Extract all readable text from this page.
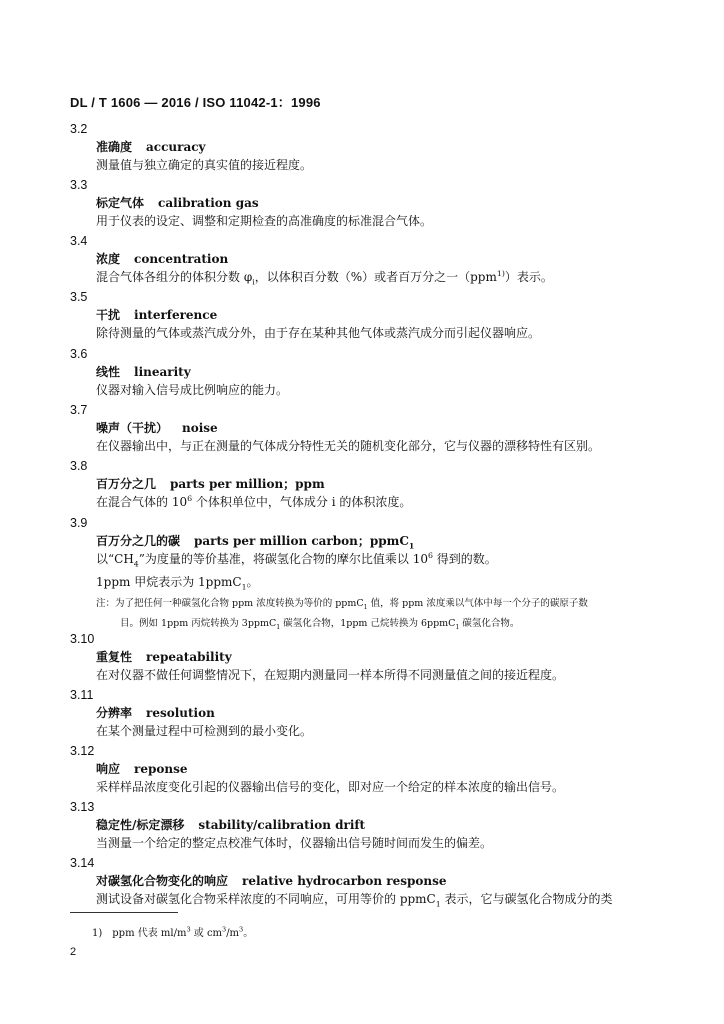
DL / T 1606 — 2016 / ISO 11042-1：1996
3.2
准确度 accuracy
测量值与独立确定的真实值的接近程度。
3.3
标定气体 calibration gas
用于仪表的设定、调整和定期检查的高准确度的标准混合气体。
3.4
浓度 concentration
混合气体各组分的体积分数 $\varphi_i$，以体积百分数（%）或者百万分之一（ppm$^{1)}$）表示。
3.5
干扰 interference
除待测量的气体或蒸汽成分外，由于存在某种其他气体或蒸汽成分而引起仪器响应。
3.6
线性 linearity
仪器对输入信号成比例响应的能力。
3.7
噪声（干扰） noise
在仪器输出中，与正在测量的气体成分特性无关的随机变化部分，它与仪器的漂移特性有区别。
3.8
百万分之几 parts per million；ppm
在混合气体的 $10^6$ 个体积单位中，气体成分 i 的体积浓度。
3.9
百万分之几的碳 parts per million carbon；ppmC$_1$
以“$CH_4$”为度量的等价基准，将碳氢化合物的摩尔比值乘以 $10^6$ 得到的数。
1ppm 甲烷表示为 1ppmC$_1$。
注：为了把任何一种碳氢化合物 ppm 浓度转换为等价的 ppmC$_1$ 值，将 ppm 浓度乘以气体中每一个分子的碳原子数
目。例如 1ppm 丙烷转换为 3ppmC$_1$ 碳氢化合物，1ppm 己烷转换为 6ppmC$_1$ 碳氢化合物。
3.10
重复性 repeatability
在对仪器不做任何调整情况下，在短期内测量同一样本所得不同测量值之间的接近程度。
3.11
分辨率 resolution
在某个测量过程中可检测到的最小变化。
3.12
响应 reponse
采样样品浓度变化引起的仪器输出信号的变化，即对应一个给定的样本浓度的输出信号。
3.13
稳定性/标定漂移 stability/calibration drift
当测量一个给定的整定点校准气体时，仪器输出信号随时间而发生的偏差。
3.14
对碳氢化合物变化的响应 relative hydrocarbon response
测试设备对碳氢化合物采样浓度的不同响应，可用等价的 ppmC$_1$ 表示，它与碳氢化合物成分的类
1)　ppm 代表 $ml/m^3$ 或 $cm^3/m^3$。
2
